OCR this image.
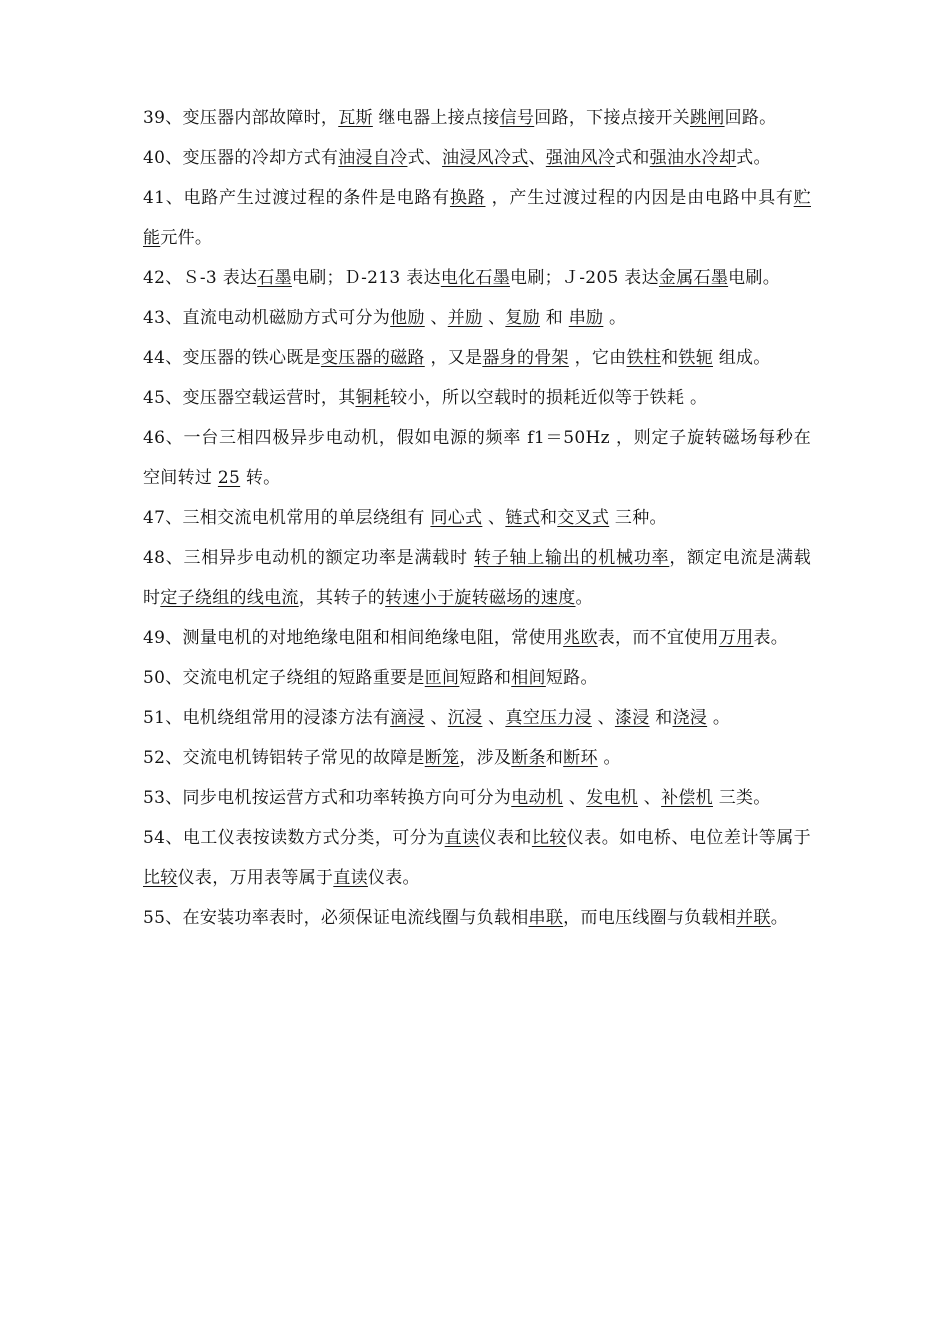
39、变压器内部故障时，瓦斯 继电器上接点接信号回路，下接点接开关跳闸回路。

40、变压器的冷却方式有油浸自冷式、油浸风冷式、强油风冷式和强油水冷却式。

41、电路产生过渡过程的条件是电路有换路 ，产生过渡过程的内因是由电路中具有贮能元件。

42、Ｓ-3 表达石墨电刷；Ｄ-213 表达电化石墨电刷；Ｊ-205 表达金属石墨电刷。

43、直流电动机磁励方式可分为他励 、并励 、复励 和 串励 。

44、变压器的铁心既是变压器的磁路 ，又是器身的骨架 ，它由铁柱和铁轭 组成。

45、变压器空载运营时，其铜耗较小，所以空载时的损耗近似等于铁耗 。

46、一台三相四极异步电动机，假如电源的频率 f1＝50Hz ，则定子旋转磁场每秒在空间转过 25 转。

47、三相交流电机常用的单层绕组有 同心式 、链式和交叉式 三种。

48、三相异步电动机的额定功率是满载时 转子轴上输出的机械功率，额定电流是满载时定子绕组的线电流，其转子的转速小于旋转磁场的速度。

49、测量电机的对地绝缘电阻和相间绝缘电阻，常使用兆欧表，而不宜使用万用表。

50、交流电机定子绕组的短路重要是匝间短路和相间短路。

51、电机绕组常用的浸漆方法有滴浸 、沉浸 、真空压力浸 、漆浸 和浇浸 。

52、交流电机铸铝转子常见的故障是断笼，涉及断条和断环 。

53、同步电机按运营方式和功率转换方向可分为电动机 、发电机 、补偿机 三类。

54、电工仪表按读数方式分类，可分为直读仪表和比较仪表。如电桥、电位差计等属于比较仪表，万用表等属于直读仪表。

55、在安装功率表时，必须保证电流线圈与负载相串联，而电压线圈与负载相并联。
